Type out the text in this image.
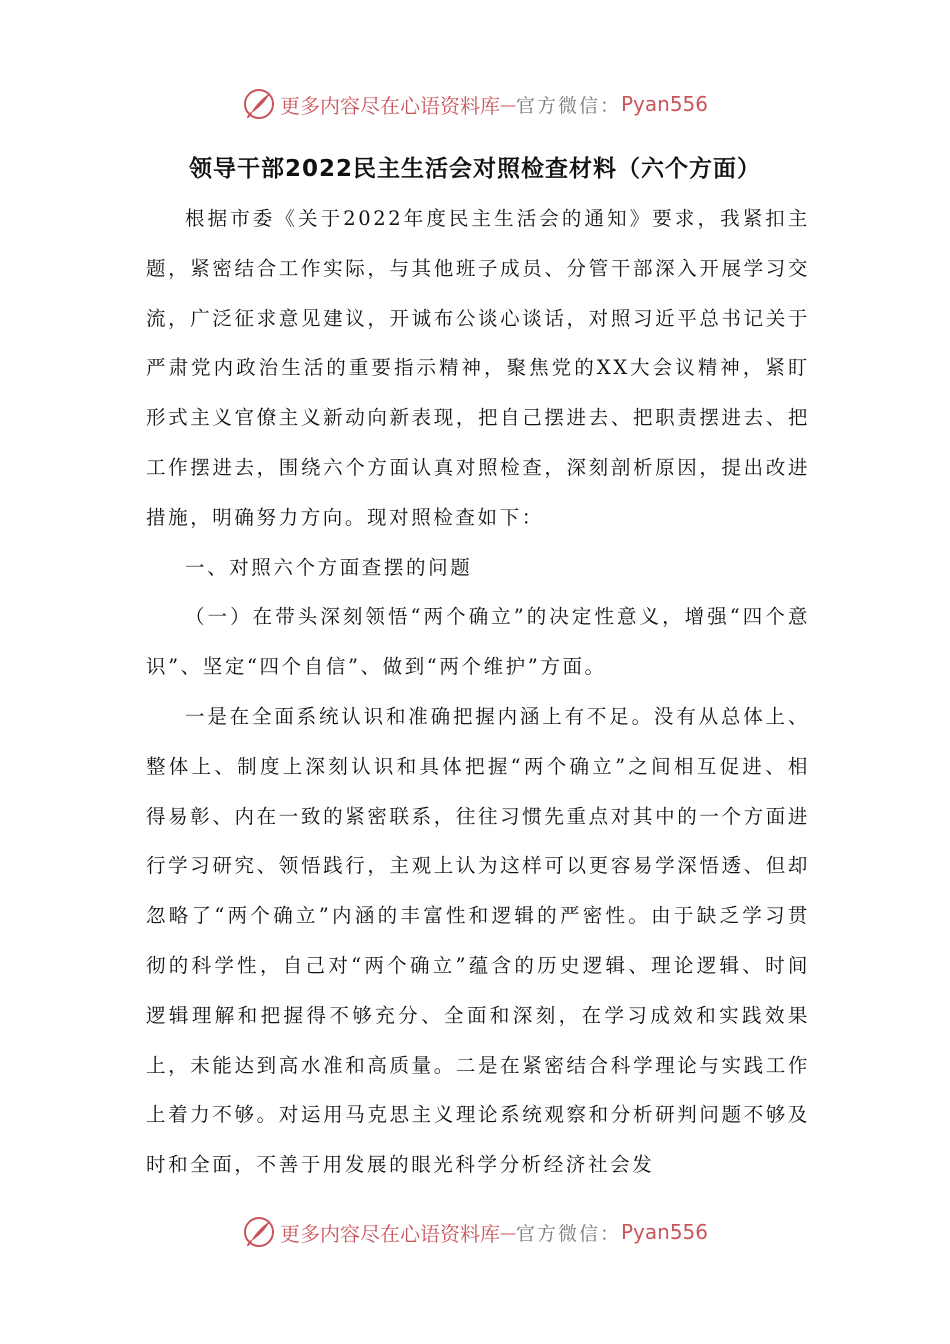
更多内容尽在心语资料库 — 官方微信： Pyan556
领导干部2022民主生活会对照检查材料（六个方面）

根据市委《关于2022年度民主生活会的通知》要求，我紧扣主题，紧密结合工作实际，与其他班子成员、分管干部深入开展学习交流，广泛征求意见建议，开诚布公谈心谈话，对照习近平总书记关于严肃党内政治生活的重要指示精神，聚焦党的XX大会议精神，紧盯形式主义官僚主义新动向新表现，把自己摆进去、把职责摆进去、把工作摆进去，围绕六个方面认真对照检查，深刻剖析原因，提出改进措施，明确努力方向。现对照检查如下：

一、对照六个方面查摆的问题

（一）在带头深刻领悟“两个确立”的决定性意义，增强“四个意识”、坚定“四个自信”、做到“两个维护”方面。

一是在全面系统认识和准确把握内涵上有不足。没有从总体上、整体上、制度上深刻认识和具体把握“两个确立”之间相互促进、相得易彰、内在一致的紧密联系，往往习惯先重点对其中的一个方面进行学习研究、领悟践行，主观上认为这样可以更容易学深悟透、但却忽略了“两个确立”内涵的丰富性和逻辑的严密性。由于缺乏学习贯彻的科学性，自己对“两个确立”蕴含的历史逻辑、理论逻辑、时间逻辑理解和把握得不够充分、全面和深刻，在学习成效和实践效果上，未能达到高水准和高质量。二是在紧密结合科学理论与实践工作上着力不够。对运用马克思主义理论系统观察和分析研判问题不够及时和全面，不善于用发展的眼光科学分析经济社会发

更多内容尽在心语资料库 — 官方微信： Pyan556
